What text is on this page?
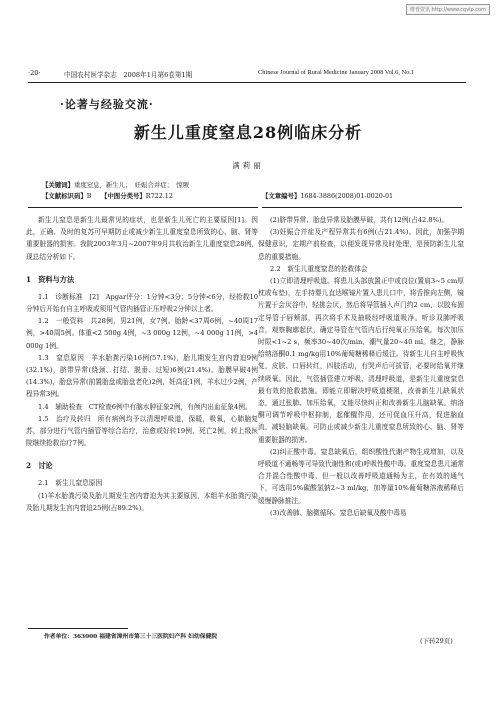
维普资讯 http://www.cqvip.com
·20·	中国农村医学杂志　2008年1月第6卷第1期	Chinese Journal of Rural Medicine January 2008 Vol.6, No.1
·论著与经验交流·
新生儿重度窒息28例临床分析
满莉丽
【关键词】重度窒息，新生儿；　妊娠合并症；　惊厥
【文献标识码】B　　 【中图分类号】R722.12	【文章编号】1684-3886(2008)01-0020-01

新生儿窒息是新生儿最常见的症状，也是新生儿死亡的主要原因[1]。因此，正确、及时的复苏可早期防止或减少新生儿重度窒息所致的心、脑、肾等重要脏器的损害。我院2003年3月~2007年9月共收治新生儿重度窒息28例，现总结分析如下。

1　资料与方法

1.1　诊断标准　[2]　Apgar评分：1分钟<3分；5分钟<6分，经抢救10分钟后开始有自主呼吸或须用气管内插管正压呼吸2分钟以上者。

1.2　一般资料　共28例，男21例，女7例。胎龄<37周6例，~40周17例，>40周5例。体重<2 500g 4例，~3 000g 12例，~4 000g 11例，>4 000g 1例。

1.3　窒息原因　羊水胎粪污染16例(57.1%)，胎儿期发生宫内窘迫9例(32.1%)，脐带异常(绕颈、打结、脱垂、过短)6例(21.4%)。胎膜早破4例(14.3%)，胎盘异常(前置胎盘或胎盘老化)2例，妊高征1例，羊水过少2例，产程异常3例。

1.4　辅助检查　CT检查6例中有脑水肿征象2例，有颅内出血征象4例。

1.5　治疗及转归　所有病例均予以清理呼吸道，保暖，吸氧，心肺脑复苏，部分进行气管内插管等综合治疗，治愈或好转19例，死亡2例，转上级医院继续抢救治疗7例。

2　讨论

2.1　新生儿窒息原因

(1)羊水胎粪污染及胎儿期发生宫内窘迫为其主要原因，本组羊水胎粪污染及胎儿期发生宫内窘迫25例(占89.2%)。

(2)脐带异常、胎盘异常及胎膜早破，共有12例(占42.8%)。

(3)妊娠合并症及产程异常共有6例(占21.4%)。因此，加强孕期保健意识，定期产前检查，以便发现异常及时处理，是预防新生儿窒息的重要措施。

2.2　新生儿重度窒息的抢救体会

(1)立即清理呼吸道。将患儿头部放置正中或良位(置肩3~5 cm厚枕或布垫)，左手持婴儿直达喉镜片置入患儿口中，将舌推向左侧，镜片置于会厌谷中，轻挑会厌，然后将导管插入声门约2 cm，以胶布固定导管于唇颊部，再次将手术及抽吸经呼吸道吸净。听诊双肺呼吸音，观察胸廓起伏，确定导管在气管内后行纯氧正压给氧。每次加压时限<1~2 s，频率30~40次/min，潮气量20~40 ml。继之，静脉给纳洛酮0.1 mg/kg用10%葡萄糖稀释后缓注。待新生儿自主呼吸恢复，皮肤、口唇转红，四肢活动，有哭声后可拔管，必要时给氧并继续吸氧。因此，气管插管建立呼吸、清理呼吸道，是新生儿重度窒息最有效的抢救措施。即能立即解决呼吸道梗阻，改善新生儿缺氧状态，通过张肺、加压给氧，又能尽快纠正和改善新生儿脑缺氧。纳洛酮可调节呼吸中枢抑制，起催醒作用，还可促血压升高，促进脑血流，减轻脑缺氧。可防止或减少新生儿重度窒息所致的心、脑、肾等重要脏器的损害。

(2)纠正酸中毒。窒息缺氧后，组织酸性代谢产物生成增加，以及呼吸道不通畅等可导致代谢性和(或)呼吸性酸中毒。重度窒息患儿通常合并混合性酸中毒，但一般以改善呼吸道通畅为主，在有效的通气下，可选用5%碳酸氢钠2~3 ml/kg，加等量10%葡萄糖溶液稀释后缓慢静脉推注。

(3)改善肺、脑微循环。窒息后缺氧及酸中毒易

作者单位：363000 福建省漳州市第三十三医院妇产科 妇幼保健院	(下转29页)
